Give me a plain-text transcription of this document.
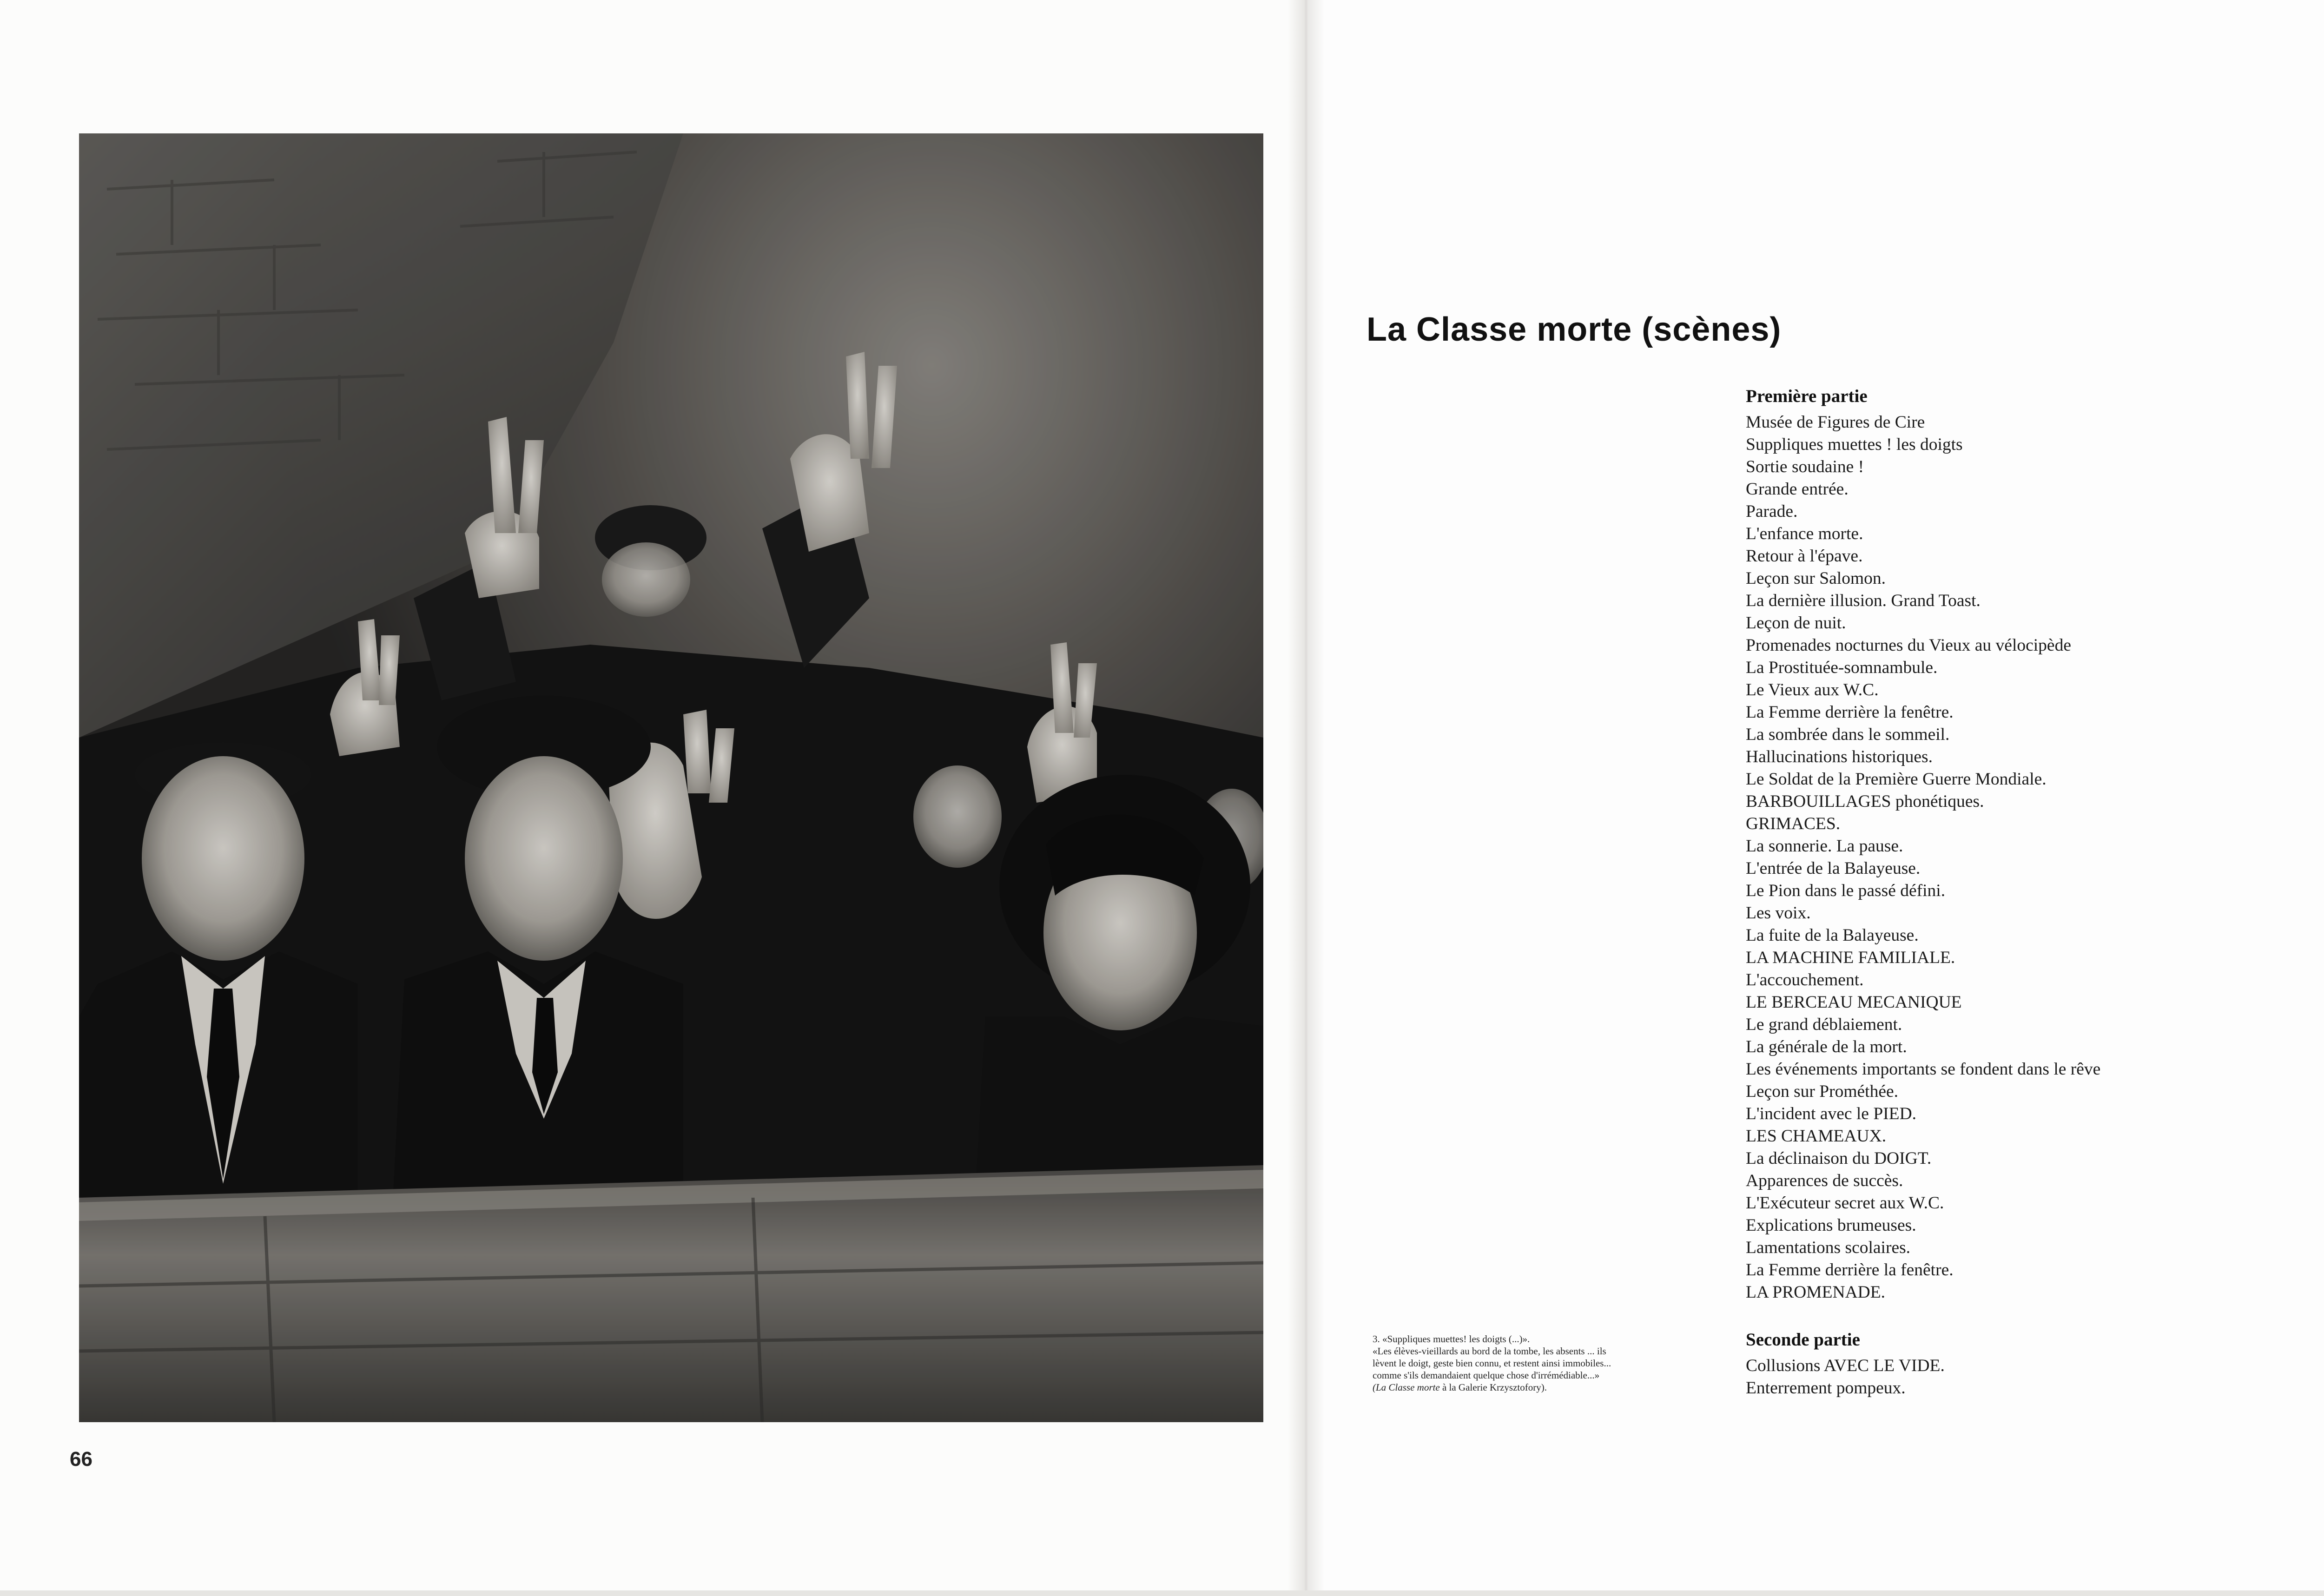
66
La Classe morte (scènes)
Première partie
Musée de Figures de Cire
Suppliques muettes ! les doigts
Sortie soudaine !
Grande entrée.
Parade.
L'enfance morte.
Retour à l'épave.
Leçon sur Salomon.
La dernière illusion. Grand Toast.
Leçon de nuit.
Promenades nocturnes du Vieux au vélocipède
La Prostituée-somnambule.
Le Vieux aux W.C.
La Femme derrière la fenêtre.
La sombrée dans le sommeil.
Hallucinations historiques.
Le Soldat de la Première Guerre Mondiale.
BARBOUILLAGES phonétiques.
GRIMACES.
La sonnerie. La pause.
L'entrée de la Balayeuse.
Le Pion dans le passé défini.
Les voix.
La fuite de la Balayeuse.
LA MACHINE FAMILIALE.
L'accouchement.
LE BERCEAU MECANIQUE
Le grand déblaiement.
La générale de la mort.
Les événements importants se fondent dans le rêve
Leçon sur Prométhée.
L'incident avec le PIED.
LES CHAMEAUX.
La déclinaison du DOIGT.
Apparences de succès.
L'Exécuteur secret aux W.C.
Explications brumeuses.
Lamentations scolaires.
La Femme derrière la fenêtre.
LA PROMENADE.
Seconde partie
Collusions AVEC LE VIDE.
Enterrement pompeux.

3. «Suppliques muettes! les doigts (...)».

«Les élèves-vieillards au bord de la tombe, les absents ... ils

lèvent le doigt, geste bien connu, et restent ainsi immobiles...

comme s'ils demandaient quelque chose d'irrémédiable...»

(La Classe morte à la Galerie Krzysztofory).
